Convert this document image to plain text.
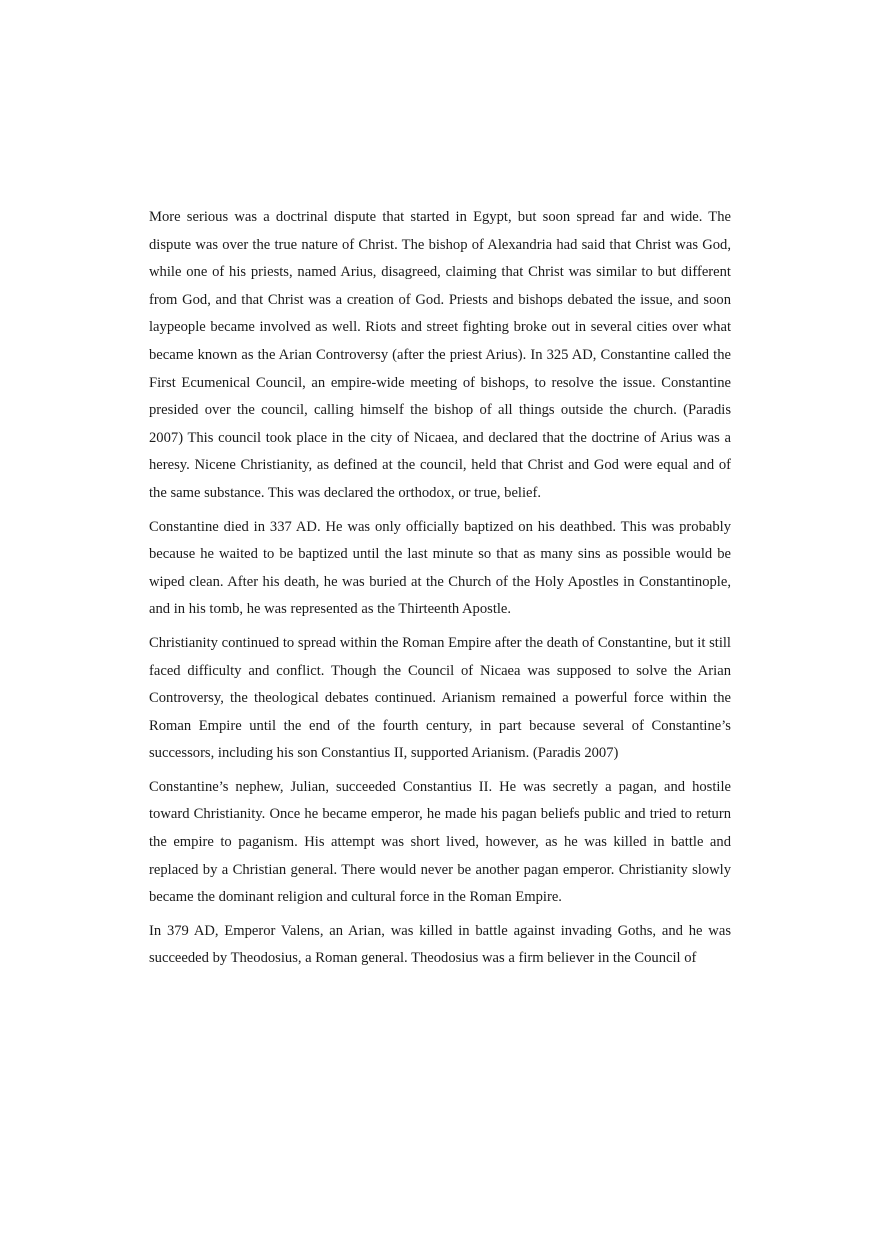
More serious was a doctrinal dispute that started in Egypt, but soon spread far and wide. The dispute was over the true nature of Christ. The bishop of Alexandria had said that Christ was God, while one of his priests, named Arius, disagreed, claiming that Christ was similar to but different from God, and that Christ was a creation of God. Priests and bishops debated the issue, and soon laypeople became involved as well. Riots and street fighting broke out in several cities over what became known as the Arian Controversy (after the priest Arius). In 325 AD, Constantine called the First Ecumenical Council, an empire-wide meeting of bishops, to resolve the issue. Constantine presided over the council, calling himself the bishop of all things outside the church. (Paradis 2007) This council took place in the city of Nicaea, and declared that the doctrine of Arius was a heresy. Nicene Christianity, as defined at the council, held that Christ and God were equal and of the same substance. This was declared the orthodox, or true, belief.

Constantine died in 337 AD. He was only officially baptized on his deathbed. This was probably because he waited to be baptized until the last minute so that as many sins as possible would be wiped clean. After his death, he was buried at the Church of the Holy Apostles in Constantinople, and in his tomb, he was represented as the Thirteenth Apostle.

Christianity continued to spread within the Roman Empire after the death of Constantine, but it still faced difficulty and conflict. Though the Council of Nicaea was supposed to solve the Arian Controversy, the theological debates continued. Arianism remained a powerful force within the Roman Empire until the end of the fourth century, in part because several of Constantine’s successors, including his son Constantius II, supported Arianism. (Paradis 2007)

Constantine’s nephew, Julian, succeeded Constantius II. He was secretly a pagan, and hostile toward Christianity. Once he became emperor, he made his pagan beliefs public and tried to return the empire to paganism. His attempt was short lived, however, as he was killed in battle and replaced by a Christian general. There would never be another pagan emperor. Christianity slowly became the dominant religion and cultural force in the Roman Empire.

In 379 AD, Emperor Valens, an Arian, was killed in battle against invading Goths, and he was succeeded by Theodosius, a Roman general. Theodosius was a firm believer in the Council of
